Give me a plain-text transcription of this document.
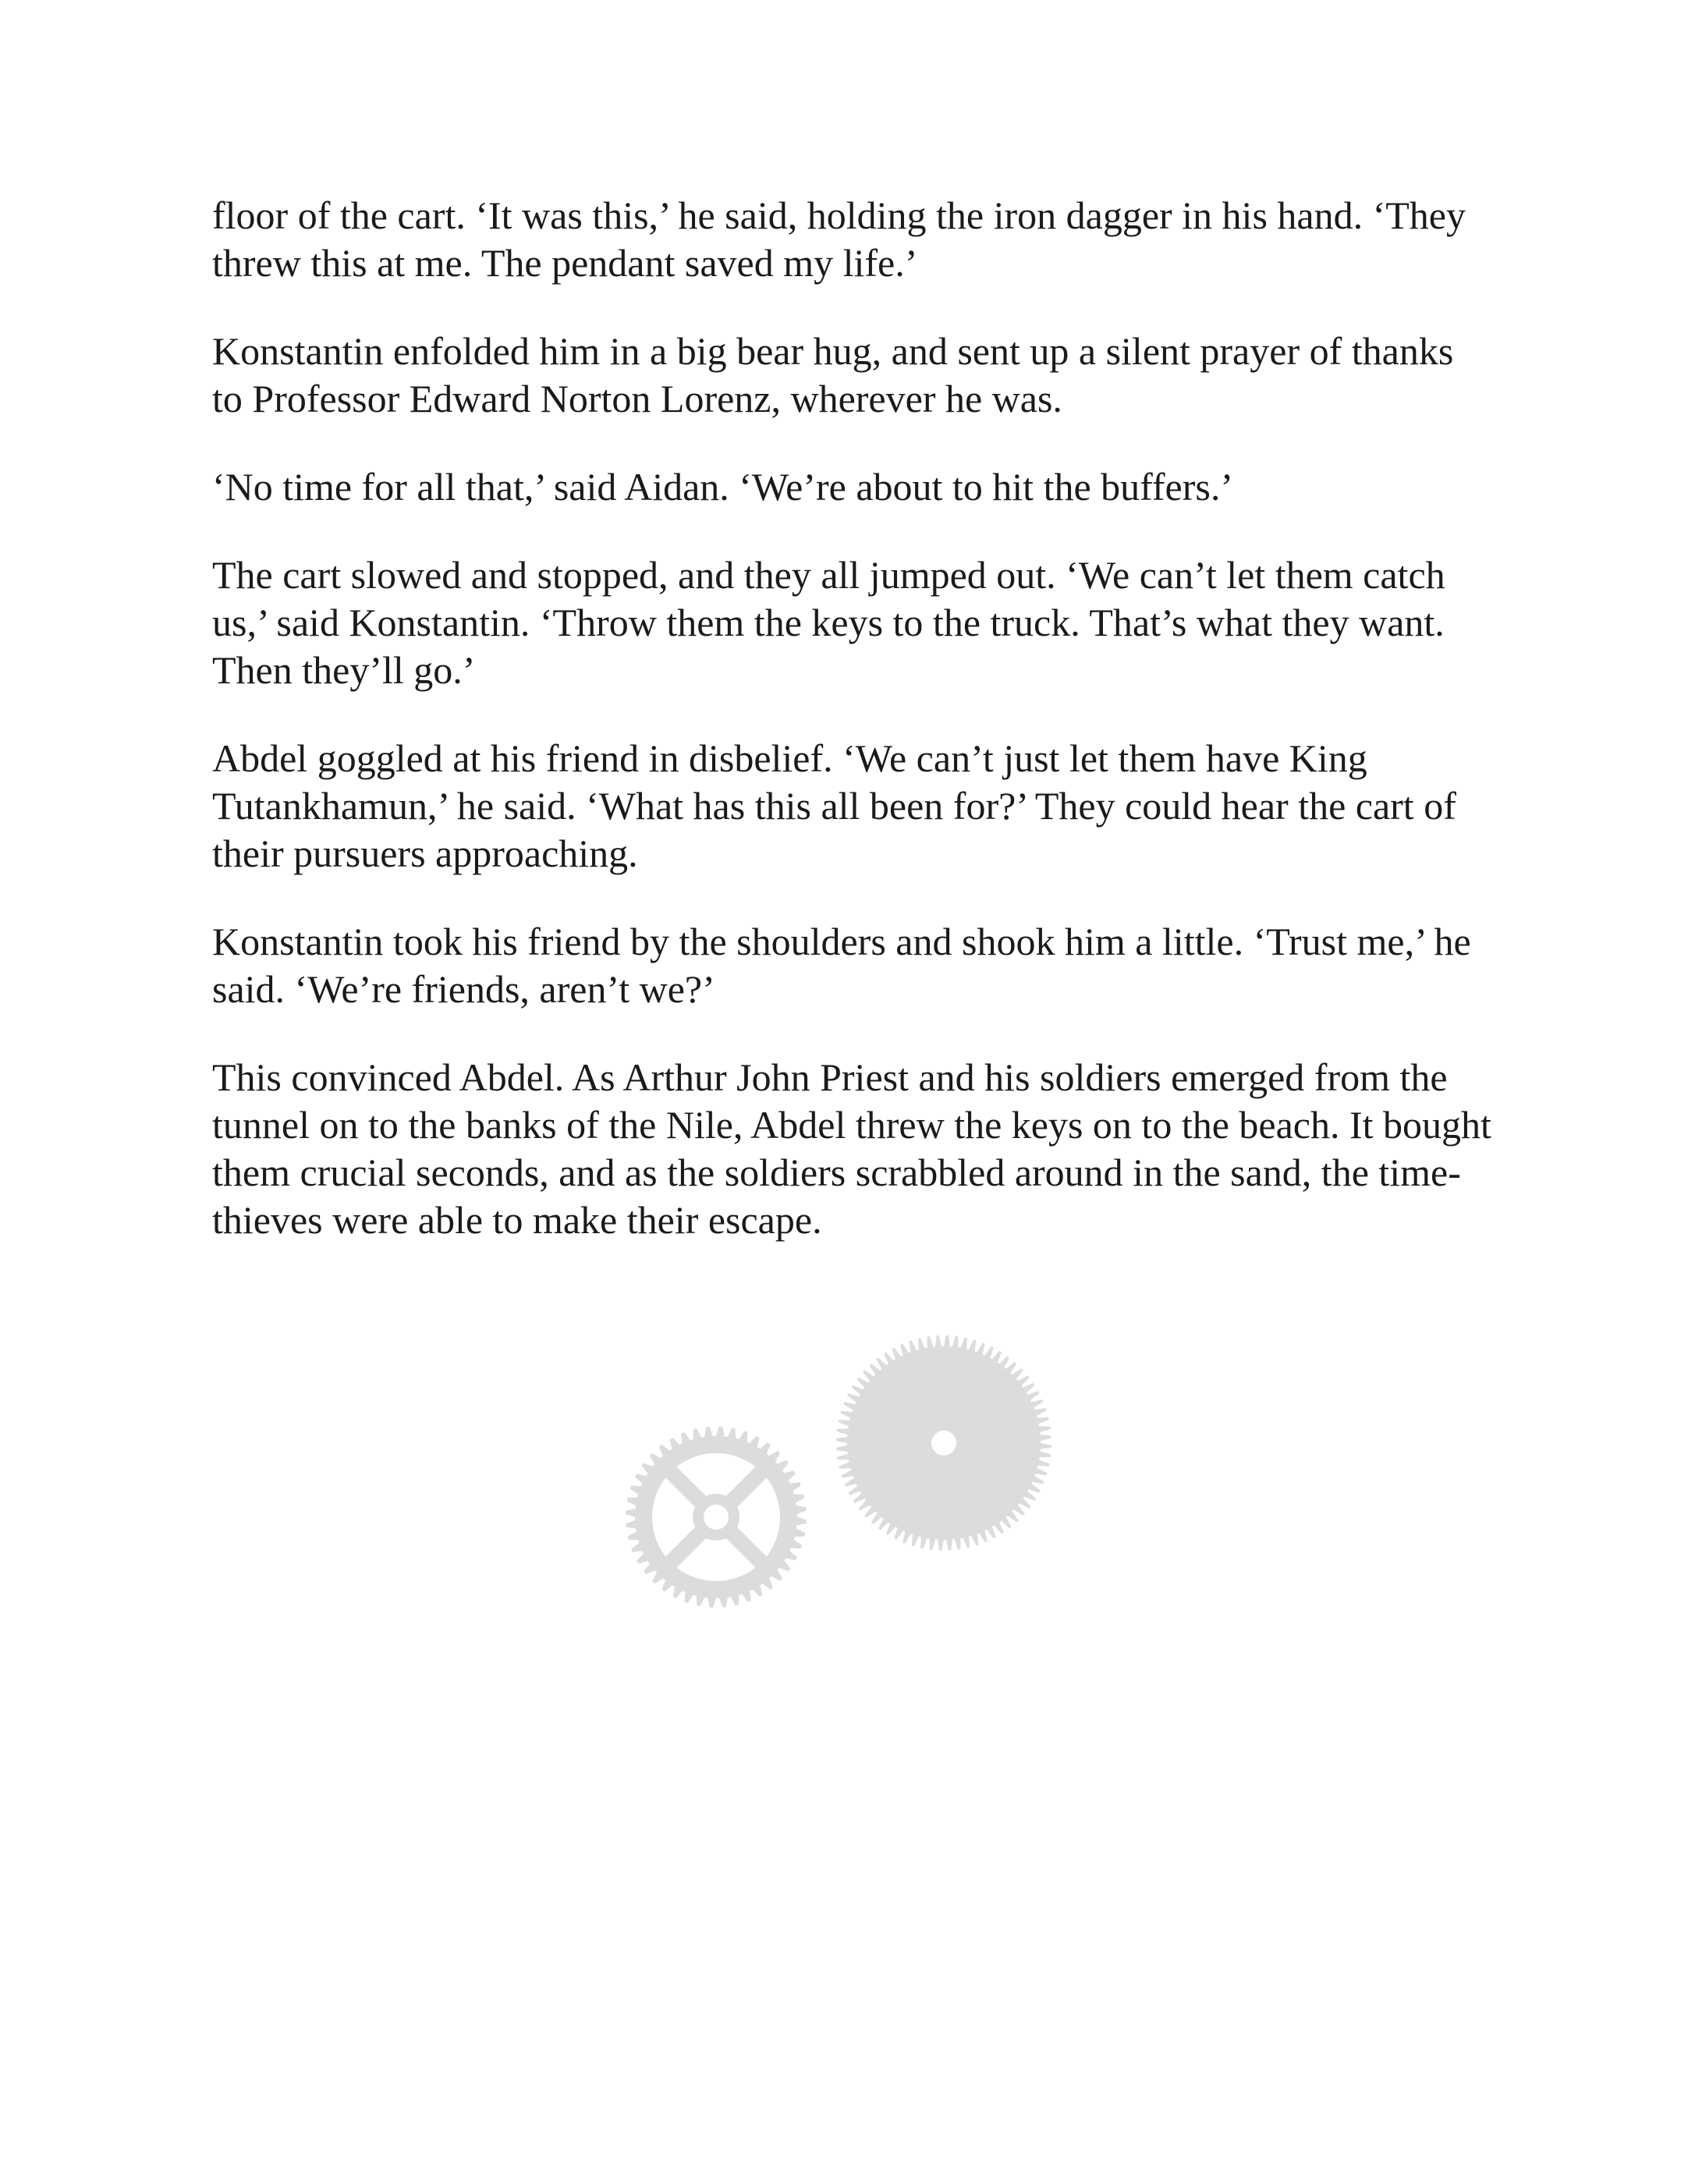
floor of the cart. ‘It was this,’ he said, holding the iron dagger in his hand. ‘They threw this at me. The pendant saved my life.’

Konstantin enfolded him in a big bear hug, and sent up a silent prayer of thanks to Professor Edward Norton Lorenz, wherever he was.

‘No time for all that,’ said Aidan. ‘We’re about to hit the buffers.’

The cart slowed and stopped, and they all jumped out. ‘We can’t let them catch us,’ said Konstantin. ‘Throw them the keys to the truck. That’s what they want. Then they’ll go.’

Abdel goggled at his friend in disbelief. ‘We can’t just let them have King Tutankhamun,’ he said. ‘What has this all been for?’ They could hear the cart of their pursuers approaching.

Konstantin took his friend by the shoulders and shook him a little. ‘Trust me,’ he said. ‘We’re friends, aren’t we?’

This convinced Abdel. As Arthur John Priest and his soldiers emerged from the tunnel on to the banks of the Nile, Abdel threw the keys on to the beach. It bought them crucial seconds, and as the soldiers scrabbled around in the sand, the time-thieves were able to make their escape.
